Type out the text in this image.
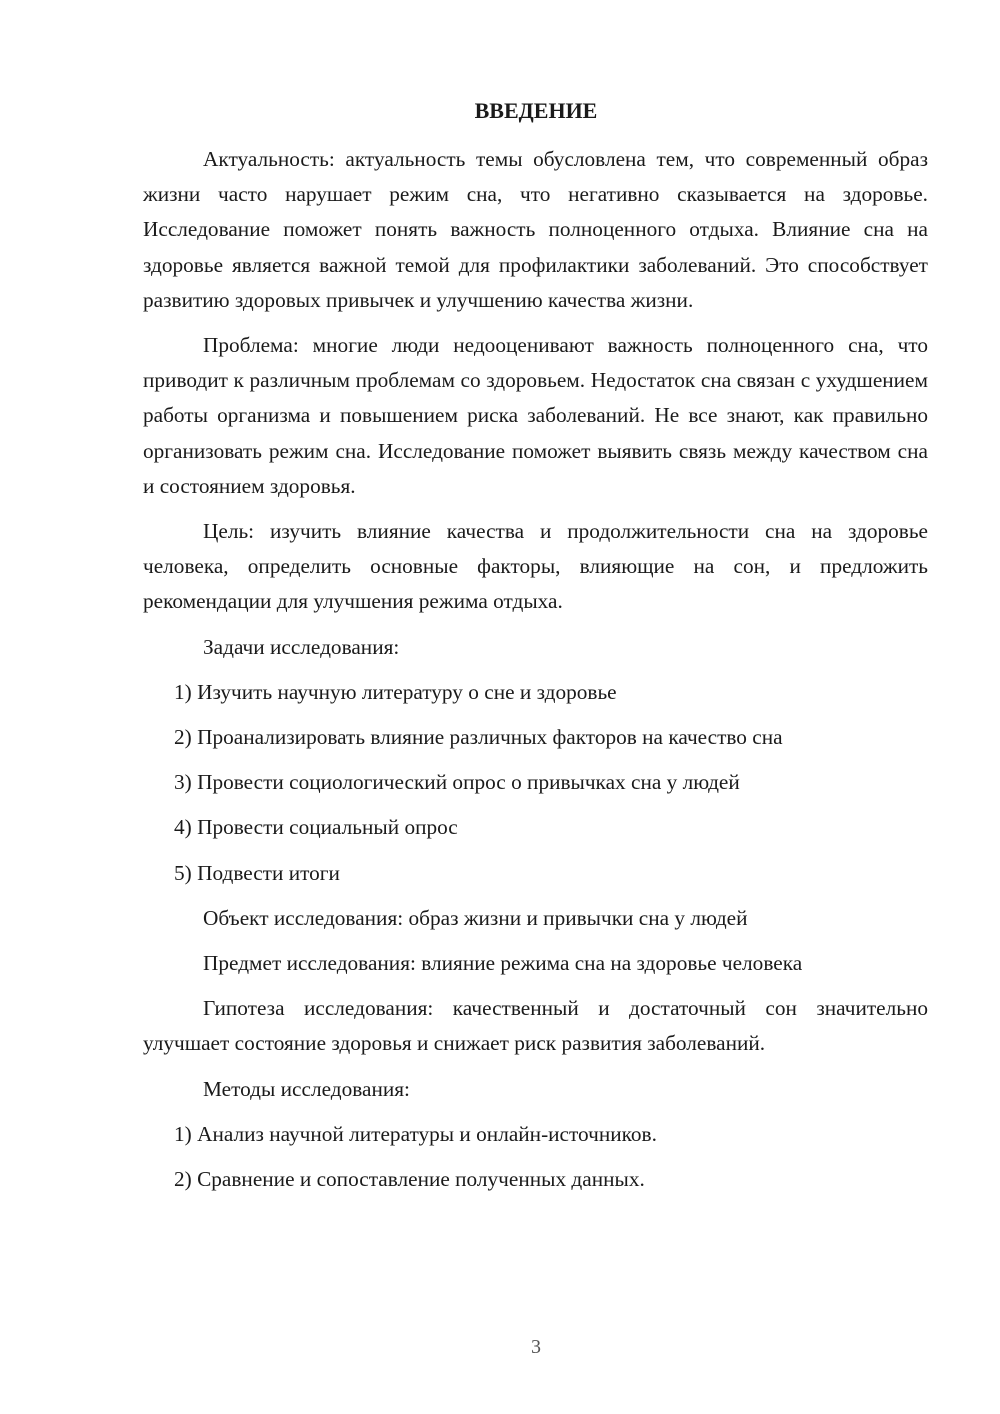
ВВЕДЕНИЕ

Актуальность: актуальность темы обусловлена тем, что современный образ жизни часто нарушает режим сна, что негативно сказывается на здоровье. Исследование поможет понять важность полноценного отдыха. Влияние сна на здоровье является важной темой для профилактики заболеваний. Это способствует развитию здоровых привычек и улучшению качества жизни.

Проблема: многие люди недооценивают важность полноценного сна, что приводит к различным проблемам со здоровьем. Недостаток сна связан с ухудшением работы организма и повышением риска заболеваний. Не все знают, как правильно организовать режим сна. Исследование поможет выявить связь между качеством сна и состоянием здоровья.

Цель: изучить влияние качества и продолжительности сна на здоровье человека, определить основные факторы, влияющие на сон, и предложить рекомендации для улучшения режима отдыха.

Задачи исследования:

1) Изучить научную литературу о сне и здоровье

2) Проанализировать влияние различных факторов на качество сна

3) Провести социологический опрос о привычках сна у людей

4) Провести социальный опрос

5) Подвести итоги

Объект исследования: образ жизни и привычки сна у людей

Предмет исследования: влияние режима сна на здоровье человека

Гипотеза исследования: качественный и достаточный сон значительно улучшает состояние здоровья и снижает риск развития заболеваний.

Методы исследования:

1) Анализ научной литературы и онлайн-источников.

2) Сравнение и сопоставление полученных данных.

3
